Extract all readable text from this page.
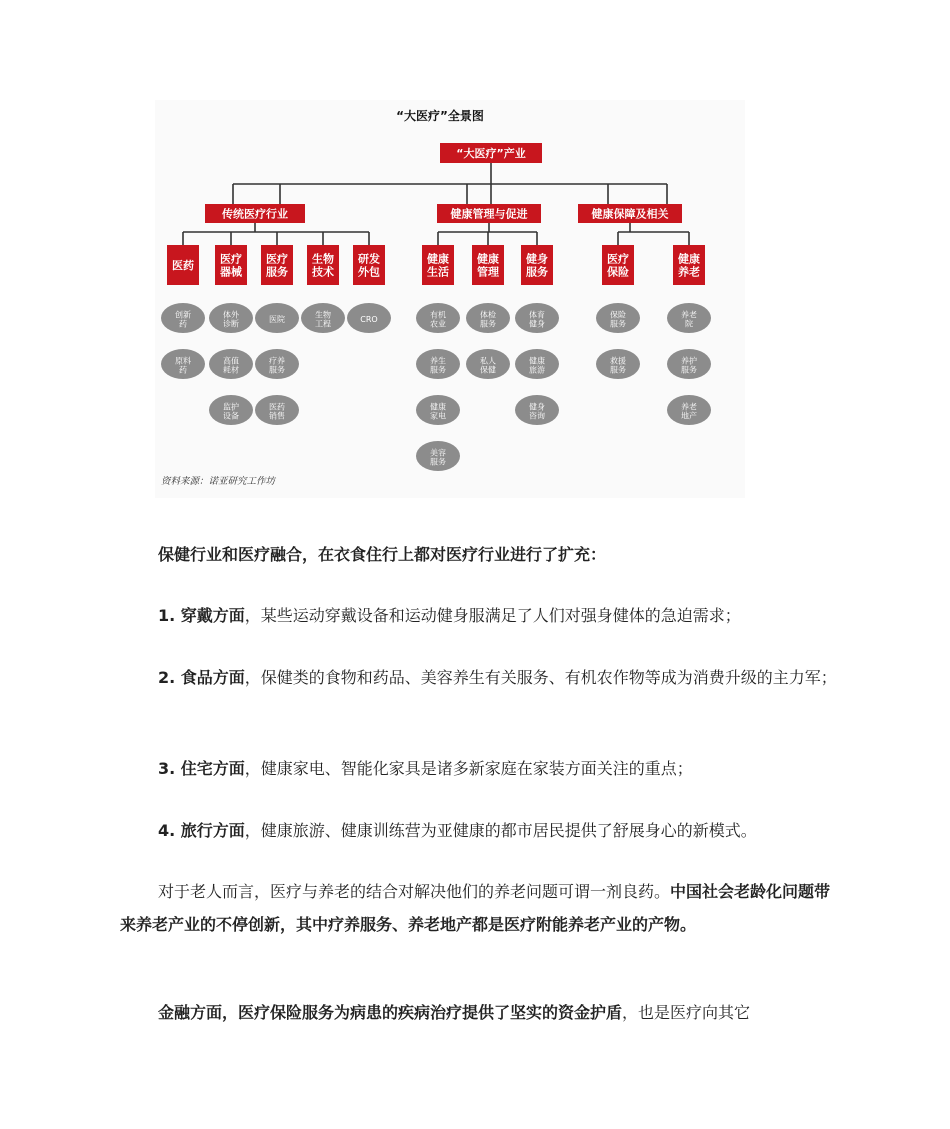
“大医疗”全景图
“大医疗”产业
传统医疗行业
医药
创新药
原料药
医疗器械
体外诊断
高值耗材
监护设备
医疗服务
医院
疗养服务
医药销售
生物技术
生物工程
研发外包
CRO
健康管理与促进
健康生活
有机农业
养生服务
健康家电
美容服务
健康管理
体检服务
私人保健
健身服务
体育健身
健康旅游
健身咨询
健康保障及相关
医疗保险
保险服务
救援服务
健康养老
养老院
养护服务
养老地产
资料来源：诺亚研究工作坊

保健行业和医疗融合，在衣食住行上都对医疗行业进行了扩充：

1. 穿戴方面，某些运动穿戴设备和运动健身服满足了人们对强身健体的急迫需求；

2. 食品方面，保健类的食物和药品、美容养生有关服务、有机农作物等成为消费升级的主力军；

3. 住宅方面，健康家电、智能化家具是诸多新家庭在家装方面关注的重点；

4. 旅行方面，健康旅游、健康训练营为亚健康的都市居民提供了舒展身心的新模式。

对于老人而言，医疗与养老的结合对解决他们的养老问题可谓一剂良药。中国社会老龄化问题带来养老产业的不停创新，其中疗养服务、养老地产都是医疗附能养老产业的产物。

金融方面，医疗保险服务为病患的疾病治疗提供了坚实的资金护盾，也是医疗向其它
